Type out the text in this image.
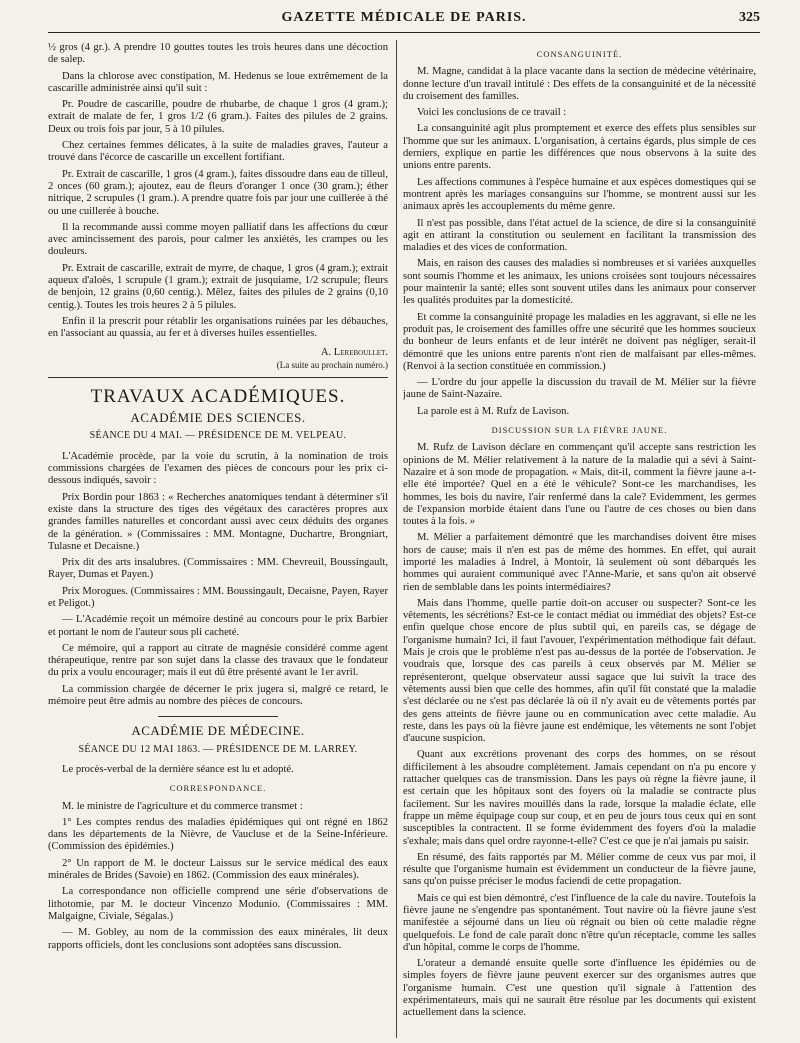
GAZETTE MÉDICALE DE PARIS.	325

½ gros (4 gr.). A prendre 10 gouttes toutes les trois heures dans une décoction de salep.

Dans la chlorose avec constipation, M. Hedenus se loue extrêmement de la cascarille administrée ainsi qu'il suit :

Pr. Poudre de cascarille, poudre de rhubarbe, de chaque 1 gros (4 gram.); extrait de malate de fer, 1 gros 1/2 (6 gram.). Faites des pilules de 2 grains. Deux ou trois fois par jour, 5 à 10 pilules.

Chez certaines femmes délicates, à la suite de maladies graves, l'auteur a trouvé dans l'écorce de cascarille un excellent fortifiant.

Pr. Extrait de cascarille, 1 gros (4 gram.), faites dissoudre dans eau de tilleul, 2 onces (60 gram.); ajoutez, eau de fleurs d'oranger 1 once (30 gram.); éther nitrique, 2 scrupules (1 gram.). A prendre quatre fois par jour une cuillerée à thé ou une cuillerée à bouche.

Il la recommande aussi comme moyen palliatif dans les affections du cœur avec amincissement des parois, pour calmer les anxiétés, les crampes ou les douleurs.

Pr. Extrait de cascarille, extrait de myrre, de chaque, 1 gros (4 gram.); extrait aqueux d'aloès, 1 scrupule (1 gram.); extrait de jusquiame, 1/2 scrupule; fleurs de benjoin, 12 grains (0,60 centig.). Mêlez, faites des pilules de 2 grains (0,10 centig.). Toutes les trois heures 2 à 5 pilules.

Enfin il la prescrit pour rétablir les organisations ruinées par les débauches, en l'associant au quassia, au fer et à diverses huiles essentielles.

A. Lereboullet.

(La suite au prochain numéro.)

TRAVAUX ACADÉMIQUES.
ACADÉMIE DES SCIENCES.
SÉANCE DU 4 MAI. — PRÉSIDENCE DE M. VELPEAU.

L'Académie procède, par la voie du scrutin, à la nomination de trois commissions chargées de l'examen des pièces de concours pour les prix ci-dessous indiqués, savoir :

Prix Bordin pour 1863 : « Recherches anatomiques tendant à déterminer s'il existe dans la structure des tiges des végétaux des caractères propres aux grandes familles naturelles et concordant aussi avec ceux déduits des organes de la génération. » (Commissaires : MM. Montagne, Duchartre, Brongniart, Tulasne et Decaisne.)

Prix dit des arts insalubres. (Commissaires : MM. Chevreuil, Boussingault, Rayer, Dumas et Payen.)

Prix Morogues. (Commissaires : MM. Boussingault, Decaisne, Payen, Rayer et Peligot.)

— L'Académie reçoit un mémoire destiné au concours pour le prix Barbier et portant le nom de l'auteur sous pli cacheté.

Ce mémoire, qui a rapport au citrate de magnésie considéré comme agent thérapeutique, rentre par son sujet dans la classe des travaux que le fondateur du prix a voulu encourager; mais il eut dû être présenté avant le 1er avril.

La commission chargée de décerner le prix jugera si, malgré ce retard, le mémoire peut être admis au nombre des pièces de concours.

ACADÉMIE DE MÉDECINE.
SÉANCE DU 12 MAI 1863. — PRÉSIDENCE DE M. LARREY.

Le procès-verbal de la dernière séance est lu et adopté.

CORRESPONDANCE.

M. le ministre de l'agriculture et du commerce transmet :

1° Les comptes rendus des maladies épidémiques qui ont régné en 1862 dans les départements de la Nièvre, de Vaucluse et de la Seine-Inférieure. (Commission des épidémies.)

2° Un rapport de M. le docteur Laissus sur le service médical des eaux minérales de Brides (Savoie) en 1862. (Commission des eaux minérales).

La correspondance non officielle comprend une série d'observations de lithotomie, par M. le docteur Vincenzo Modunio. (Commissaires : MM. Malgaigne, Civiale, Ségalas.)

— M. Gobley, au nom de la commission des eaux minérales, lit deux rapports officiels, dont les conclusions sont adoptées sans discussion.

CONSANGUINITÉ.

M. Magne, candidat à la place vacante dans la section de médecine vétérinaire, donne lecture d'un travail intitulé : Des effets de la consanguinité et de la nécessité du croisement des familles.

Voici les conclusions de ce travail :

La consanguinité agit plus promptement et exerce des effets plus sensibles sur l'homme que sur les animaux. L'organisation, à certains égards, plus simple de ces derniers, explique en partie les différences que nous observons à la suite des unions entre parents.

Les affections communes à l'espèce humaine et aux espèces domestiques qui se montrent après les mariages consanguins sur l'homme, se montrent aussi sur les animaux après les accouplements du même genre.

Il n'est pas possible, dans l'état actuel de la science, de dire si la consanguinité agit en attirant la constitution ou seulement en facilitant la transmission des maladies et des vices de conformation.

Mais, en raison des causes des maladies si nombreuses et si variées auxquelles sont soumis l'homme et les animaux, les unions croisées sont toujours nécessaires pour maintenir la santé; elles sont souvent utiles dans les animaux pour conserver les qualités produites par la domesticité.

Et comme la consanguinité propage les maladies en les aggravant, si elle ne les produit pas, le croisement des familles offre une sécurité que les hommes soucieux du bonheur de leurs enfants et de leur intérêt ne doivent pas négliger, serait-il démontré que les unions entre parents n'ont rien de malfaisant par elles-mêmes. (Renvoi à la section constituée en commission.)

— L'ordre du jour appelle la discussion du travail de M. Mélier sur la fièvre jaune de Saint-Nazaire.

La parole est à M. Rufz de Lavison.

DISCUSSION SUR LA FIÈVRE JAUNE.

M. Rufz de Lavison déclare en commençant qu'il accepte sans restriction les opinions de M. Mélier relativement à la nature de la maladie qui a sévi à Saint-Nazaire et à son mode de propagation. « Mais, dit-il, comment la fièvre jaune a-t-elle été importée? Quel en a été le véhicule? Sont-ce les marchandises, les hommes, les bois du navire, l'air renfermé dans la cale? Evidemment, les germes de l'expansion morbide étaient dans l'une ou l'autre de ces choses ou bien dans toutes à la fois. »

M. Mélier a parfaitement démontré que les marchandises doivent être mises hors de cause; mais il n'en est pas de même des hommes. En effet, qui aurait importé les maladies à Indrel, à Montoir, là seulement où sont débarqués les hommes qui auraient communiqué avec l'Anne-Marie, et sans qu'on ait observé rien de semblable dans les points intermédiaires?

Mais dans l'homme, quelle partie doit-on accuser ou suspecter? Sont-ce les vêtements, les sécrétions? Est-ce le contact médiat ou immédiat des objets? Est-ce enfin quelque chose encore de plus subtil qui, en pareils cas, se dégage de l'organisme humain? Ici, il faut l'avouer, l'expérimentation méthodique fait défaut. Mais je crois que le problème n'est pas au-dessus de la portée de l'observation. Je voudrais que, lorsque des cas pareils à ceux observés par M. Mélier se représenteront, quelque observateur aussi sagace que lui suivît la trace des vêtements aussi bien que celle des hommes, afin qu'il fût constaté que la maladie s'est déclarée ou ne s'est pas déclarée là où il n'y avait eu de vêtements portés par des gens atteints de fièvre jaune ou en communication avec cette maladie. Au reste, dans les pays où la fièvre jaune est endémique, les vêtements ne sont l'objet d'aucune suspicion.

Quant aux excrétions provenant des corps des hommes, on se résout difficilement à les absoudre complètement. Jamais cependant on n'a pu encore y rattacher quelques cas de transmission. Dans les pays où règne la fièvre jaune, il est certain que les hôpitaux sont des foyers où la maladie se contracte plus facilement. Sur les navires mouillés dans la rade, lorsque la maladie éclate, elle frappe un même équipage coup sur coup, et en peu de jours tous ceux qui en sont susceptibles la contractent. Il se forme évidemment des foyers d'où la maladie s'exhale; mais dans quel ordre rayonne-t-elle? C'est ce que je n'ai jamais pu saisir.

En résumé, des faits rapportés par M. Mélier comme de ceux vus par moi, il résulte que l'organisme humain est évidemment un conducteur de la fièvre jaune, sans qu'on puisse préciser le modus faciendi de cette propagation.

Mais ce qui est bien démontré, c'est l'influence de la cale du navire. Toutefois la fièvre jaune ne s'engendre pas spontanément. Tout navire où la fièvre jaune s'est manifestée a séjourné dans un lieu où régnait ou bien où cette maladie règne quelquefois. Le fond de cale paraît donc n'être qu'un réceptacle, comme les salles d'un hôpital, comme le corps de l'homme.

L'orateur a demandé ensuite quelle sorte d'influence les épidémies ou de simples foyers de fièvre jaune peuvent exercer sur des organismes autres que l'organisme humain. C'est une question qu'il signale à l'attention des expérimentateurs, mais qui ne saurait être résolue par les documents qui existent actuellement dans la science.
